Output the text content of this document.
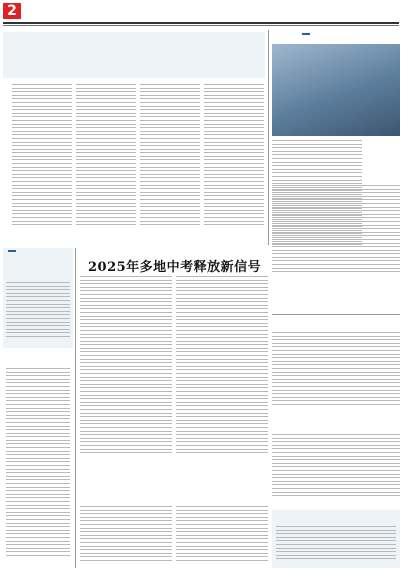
2
2025年多地中考释放新信号
